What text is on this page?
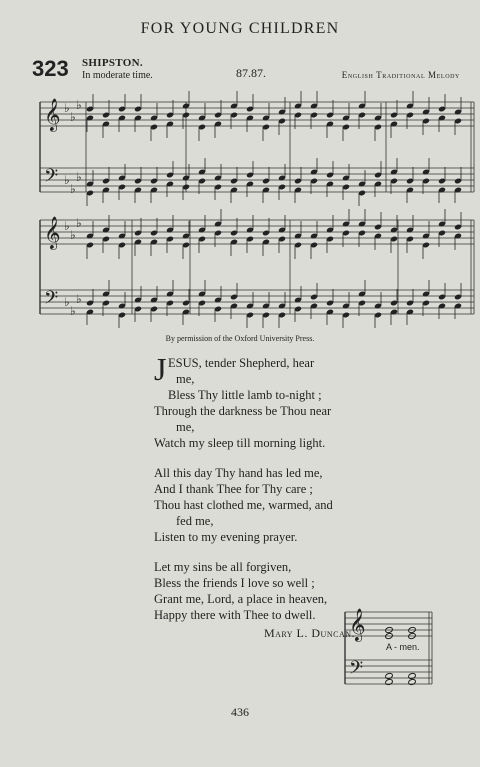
FOR YOUNG CHILDREN
323 SHIPSTON.
In moderate time.	87.87.	English Traditional Melody
𝄞
𝄢
♭
♭
♭
♭
♭
♭
𝄞
𝄢
♭
♭
♭
♭
♭
♭
𝄞
𝄢
By permission of the Oxford University Press.
J ESUS, tender Shepherd, hear
me,
Bless Thy little lamb to-night ;
Through the darkness be Thou near
me,
Watch my sleep till morning light.
All this day Thy hand has led me,
And I thank Thee for Thy care ;
Thou hast clothed me, warmed, and
fed me,
Listen to my evening prayer.
Let my sins be all forgiven,
Bless the friends I love so well ;
Grant me, Lord, a place in heaven,
Happy there with Thee to dwell.
Mary L. Duncan.
A - men.
436
